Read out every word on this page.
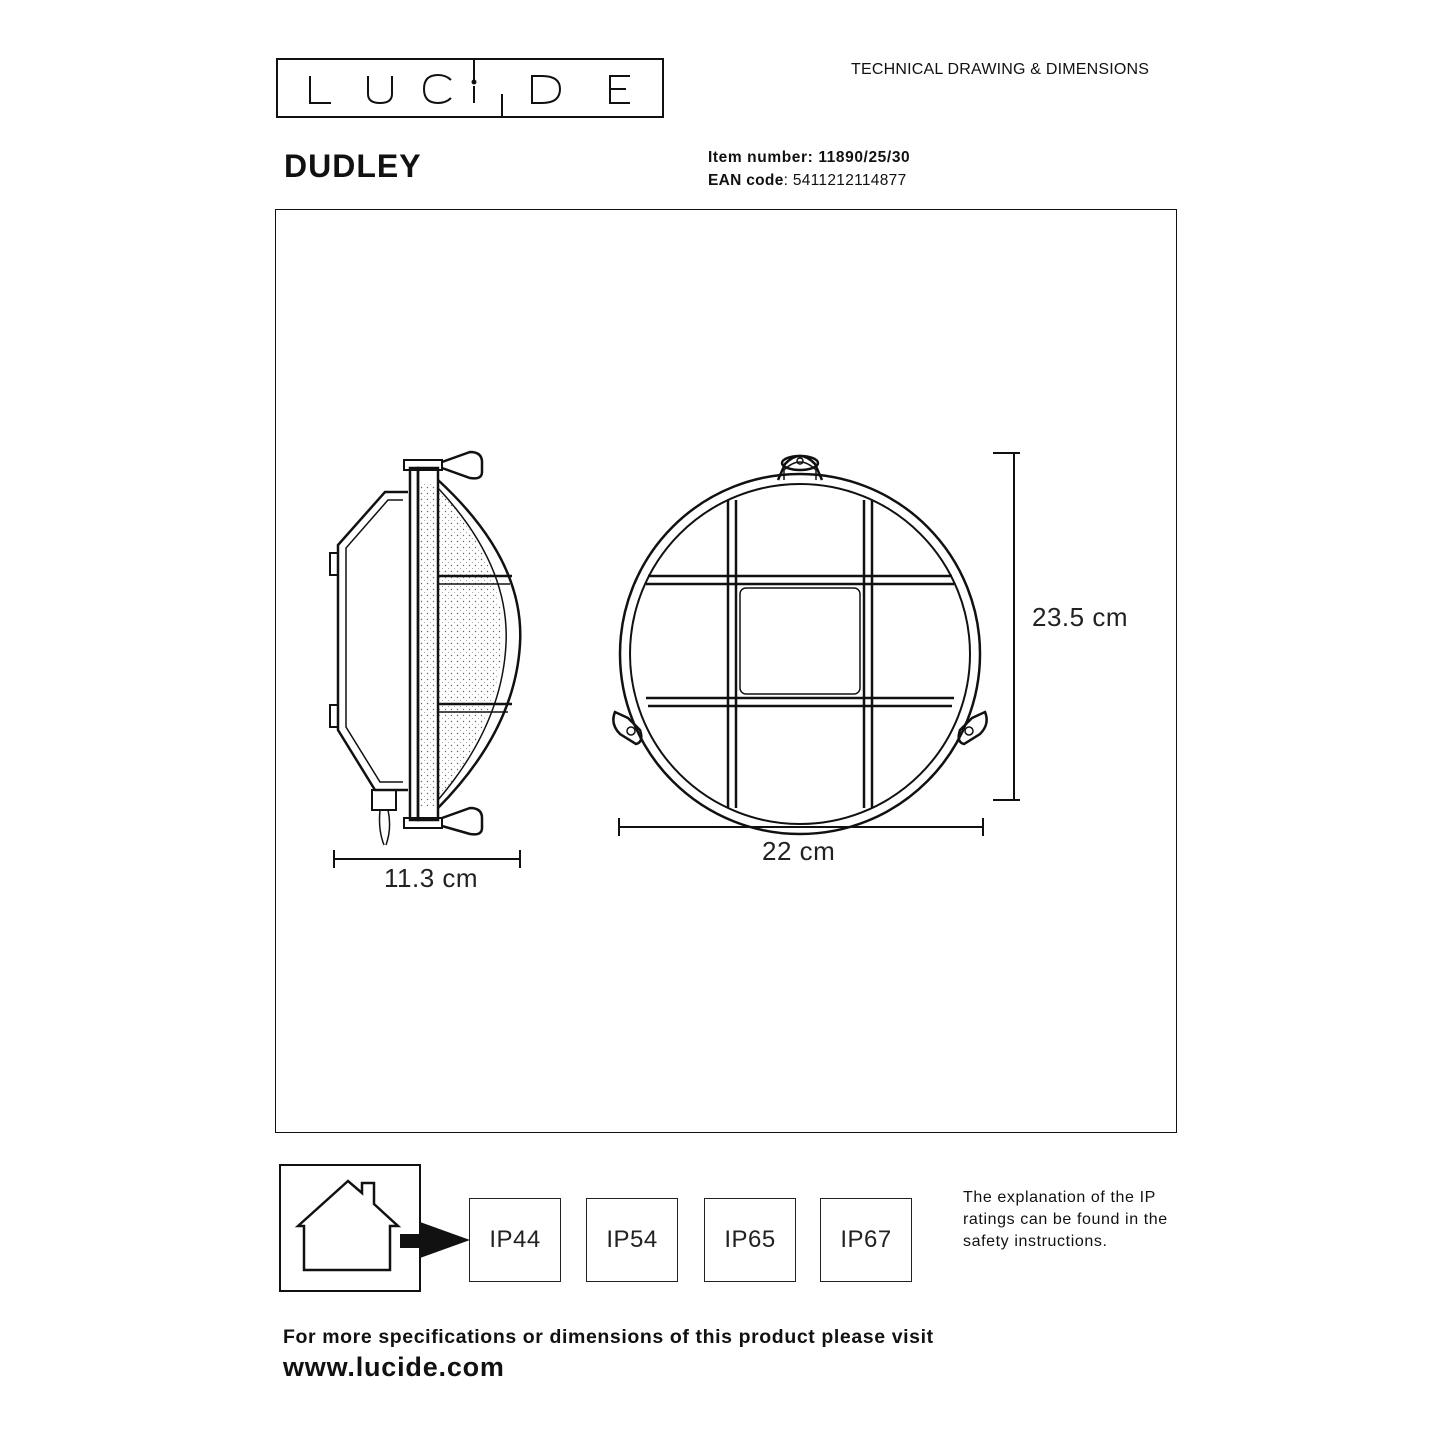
TECHNICAL DRAWING & DIMENSIONS
DUDLEY	Item number: 11890/25/30
EAN code: 5411212114877
11.3 cm
22 cm
23.5 cm
IP44	IP54	IP65	IP67
The explanation of the IP ratings can be found in the safety instructions.
For more specifications or dimensions of this product please visit
www.lucide.com
